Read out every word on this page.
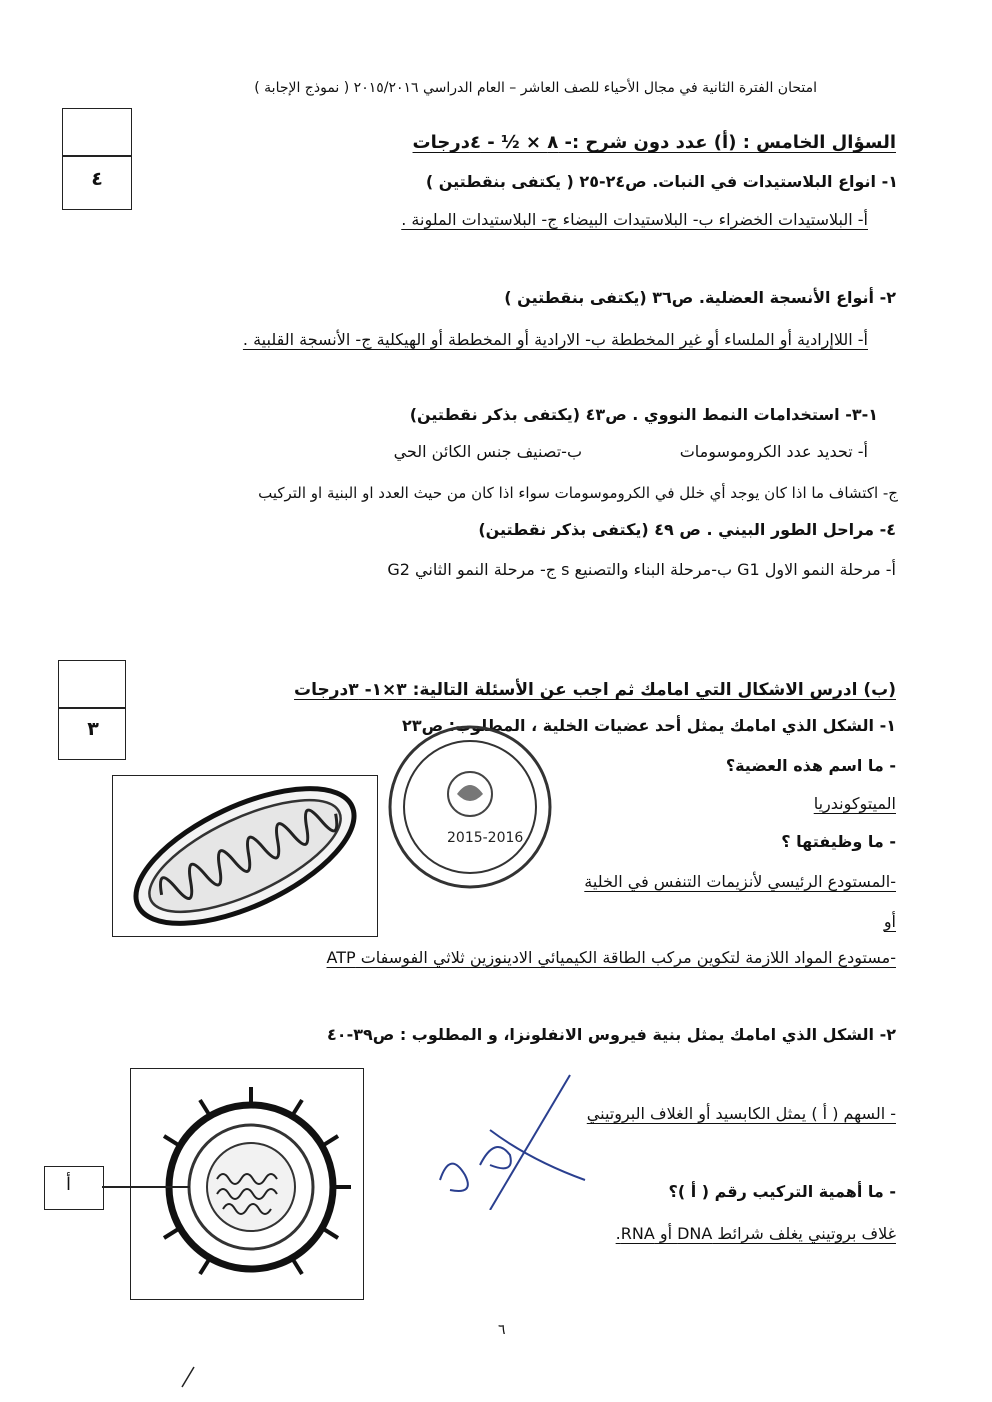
امتحان الفترة الثانية في مجال الأحياء للصف العاشر – العام الدراسي ٢٠١٥/٢٠١٦ ( نموذج الإجابة )
٤
السؤال الخامس : (أ) عدد دون شرح :- ٨ × ½ - ٤درجات
١- انواع البلاستيدات في النبات. ص٢٤-٢٥ ( يكتفى بنقطتين )
أ- البلاستيدات الخضراء ب- البلاستيدات البيضاء ج- البلاستيدات الملونة .
٢- أنواع الأنسجة العضلية. ص٣٦ (يكتفى بنقطتين )
أ- اللاإرادية أو الملساء أو غير المخططة ب- الارادية أو المخططة أو الهيكلية ج- الأنسجة القلبية .
١-٣- استخدامات النمط النووي . ص٤٣ (يكتفى بذكر نقطتين)
أ- تحديد عدد الكروموسومات
ب-تصنيف جنس الكائن الحي
ج- اكتشاف ما اذا كان يوجد أي خلل في الكروموسومات سواء اذا كان من حيث العدد او البنية او التركيب
٤- مراحل الطور البيني . ص ٤٩ (يكتفى بذكر نقطتين)
أ- مرحلة النمو الاول G1 ب-مرحلة البناء والتصنيع s ج- مرحلة النمو الثاني G2
٣
(ب) ادرس الاشكال التي امامك ثم اجب عن الأسئلة التالية: ٣×١- ٣درجات
١- الشكل الذي امامك يمثل أحد عضيات الخلية ، المطلوب: ص٢٣
- ما اسم هذه العضية؟
الميتوكوندريا
- ما وظيفتها ؟
-المستودع الرئيسي لأنزيمات التنفس في الخلية
أو
-مستودع المواد اللازمة لتكوين مركب الطاقة الكيميائي الادينوزين ثلاثي الفوسفات ATP
2015-2016
٢- الشكل الذي امامك يمثل بنية فيروس الانفلونزا، و المطلوب : ص٣٩-٤٠
- السهم ( أ ) يمثل الكابسيد أو الغلاف البروتيني
- ما أهمية التركيب رقم ( أ )؟
غلاف بروتيني يغلف شرائط DNA أو RNA.
أ
٦
